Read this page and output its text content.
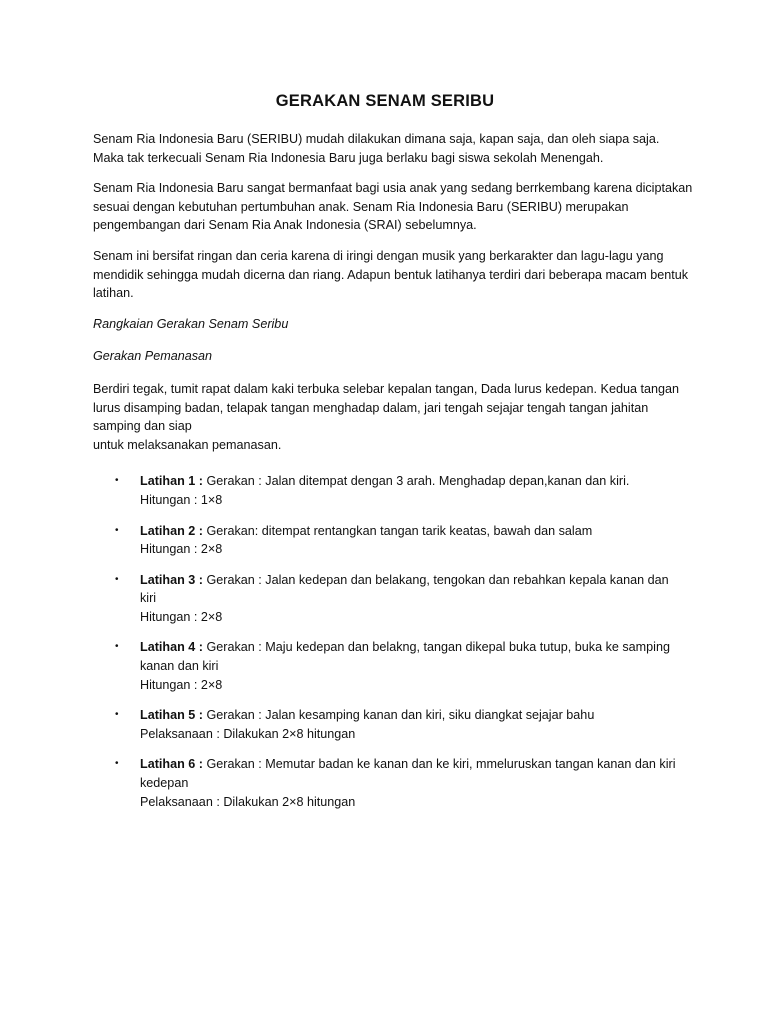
GERAKAN SENAM SERIBU

Senam Ria Indonesia Baru (SERIBU) mudah dilakukan dimana saja, kapan saja, dan oleh siapa saja. Maka tak terkecuali Senam Ria Indonesia Baru juga berlaku bagi siswa sekolah Menengah.

Senam Ria Indonesia Baru sangat bermanfaat bagi usia anak yang sedang berrkembang karena diciptakan sesuai dengan kebutuhan pertumbuhan anak. Senam Ria Indonesia Baru (SERIBU) merupakan pengembangan dari Senam Ria Anak Indonesia (SRAI) sebelumnya.

Senam ini bersifat ringan dan ceria karena di iringi dengan musik yang berkarakter dan lagu-lagu yang mendidik sehingga mudah dicerna dan riang. Adapun bentuk latihanya terdiri dari beberapa macam bentuk latihan.

Rangkaian Gerakan Senam Seribu

Gerakan Pemanasan

Berdiri tegak, tumit rapat dalam kaki terbuka selebar kepalan tangan, Dada lurus kedepan. Kedua tangan lurus disamping badan, telapak tangan menghadap dalam, jari tengah sejajar tengah tangan jahitan samping dan siap
untuk melaksanakan pemanasan.

• Latihan 1 : Gerakan : Jalan ditempat dengan 3 arah. Menghadap depan,kanan dan kiri.
Hitungan : 1×8
• Latihan 2 : Gerakan: ditempat rentangkan tangan tarik keatas, bawah dan salam
Hitungan : 2×8
• Latihan 3 : Gerakan : Jalan kedepan dan belakang, tengokan dan rebahkan kepala kanan dan kiri
Hitungan : 2×8
• Latihan 4 : Gerakan : Maju kedepan dan belakng, tangan dikepal buka tutup, buka ke samping kanan dan kiri
Hitungan : 2×8
• Latihan 5 : Gerakan : Jalan kesamping kanan dan kiri, siku diangkat sejajar bahu
Pelaksanaan : Dilakukan 2×8 hitungan
• Latihan 6 : Gerakan : Memutar badan ke kanan dan ke kiri, mmeluruskan tangan kanan dan kiri kedepan
Pelaksanaan : Dilakukan 2×8 hitungan
